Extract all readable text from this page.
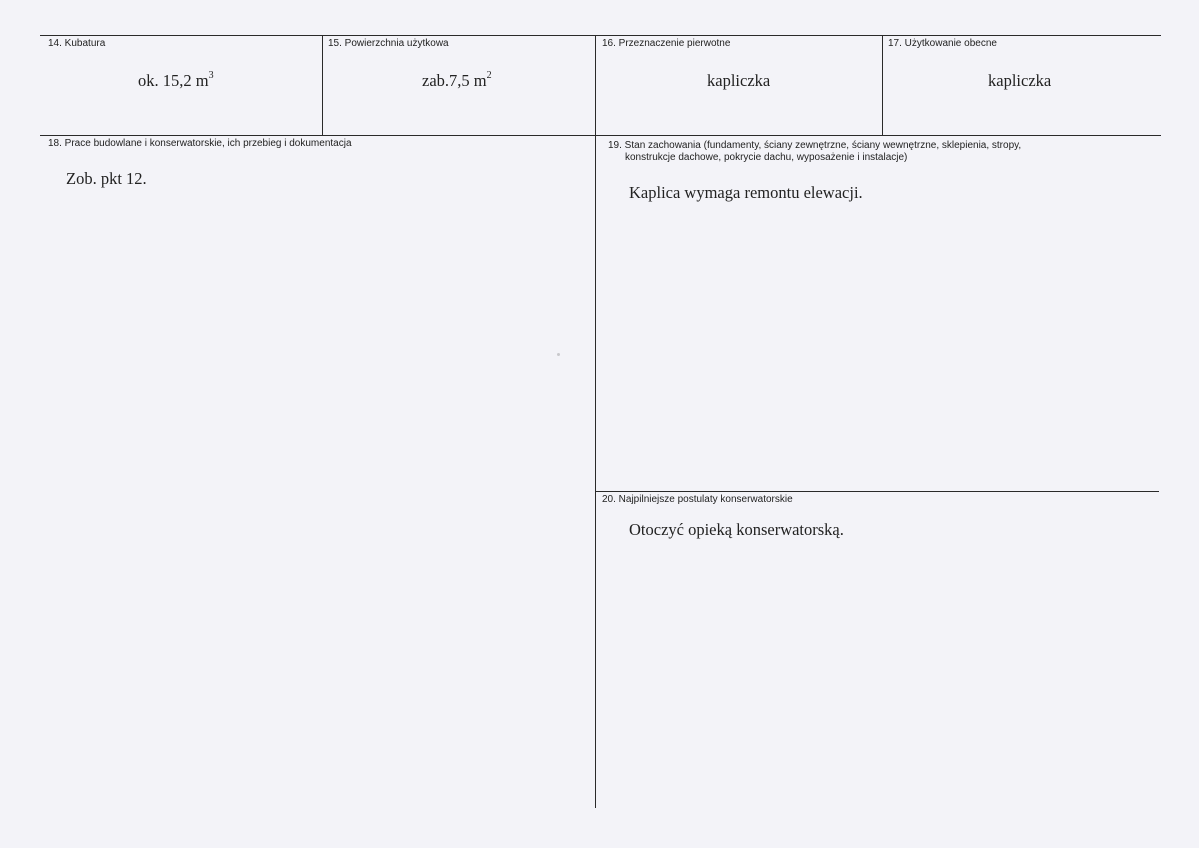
14. Kubatura
ok. 15,2 $m^3$
15. Powierzchnia użytkowa
zab.7,5 $m^2$
16. Przeznaczenie pierwotne
kapliczka
17. Użytkowanie obecne
kapliczka
18. Prace budowlane i konserwatorskie, ich przebieg i dokumentacja
Zob. pkt 12.
19. Stan zachowania (fundamenty, ściany zewnętrzne, ściany wewnętrzne, sklepienia, stropy,
konstrukcje dachowe, pokrycie dachu, wyposażenie i instalacje)
Kaplica wymaga remontu elewacji.
20. Najpilniejsze postulaty konserwatorskie
Otoczyć opieką konserwatorską.
